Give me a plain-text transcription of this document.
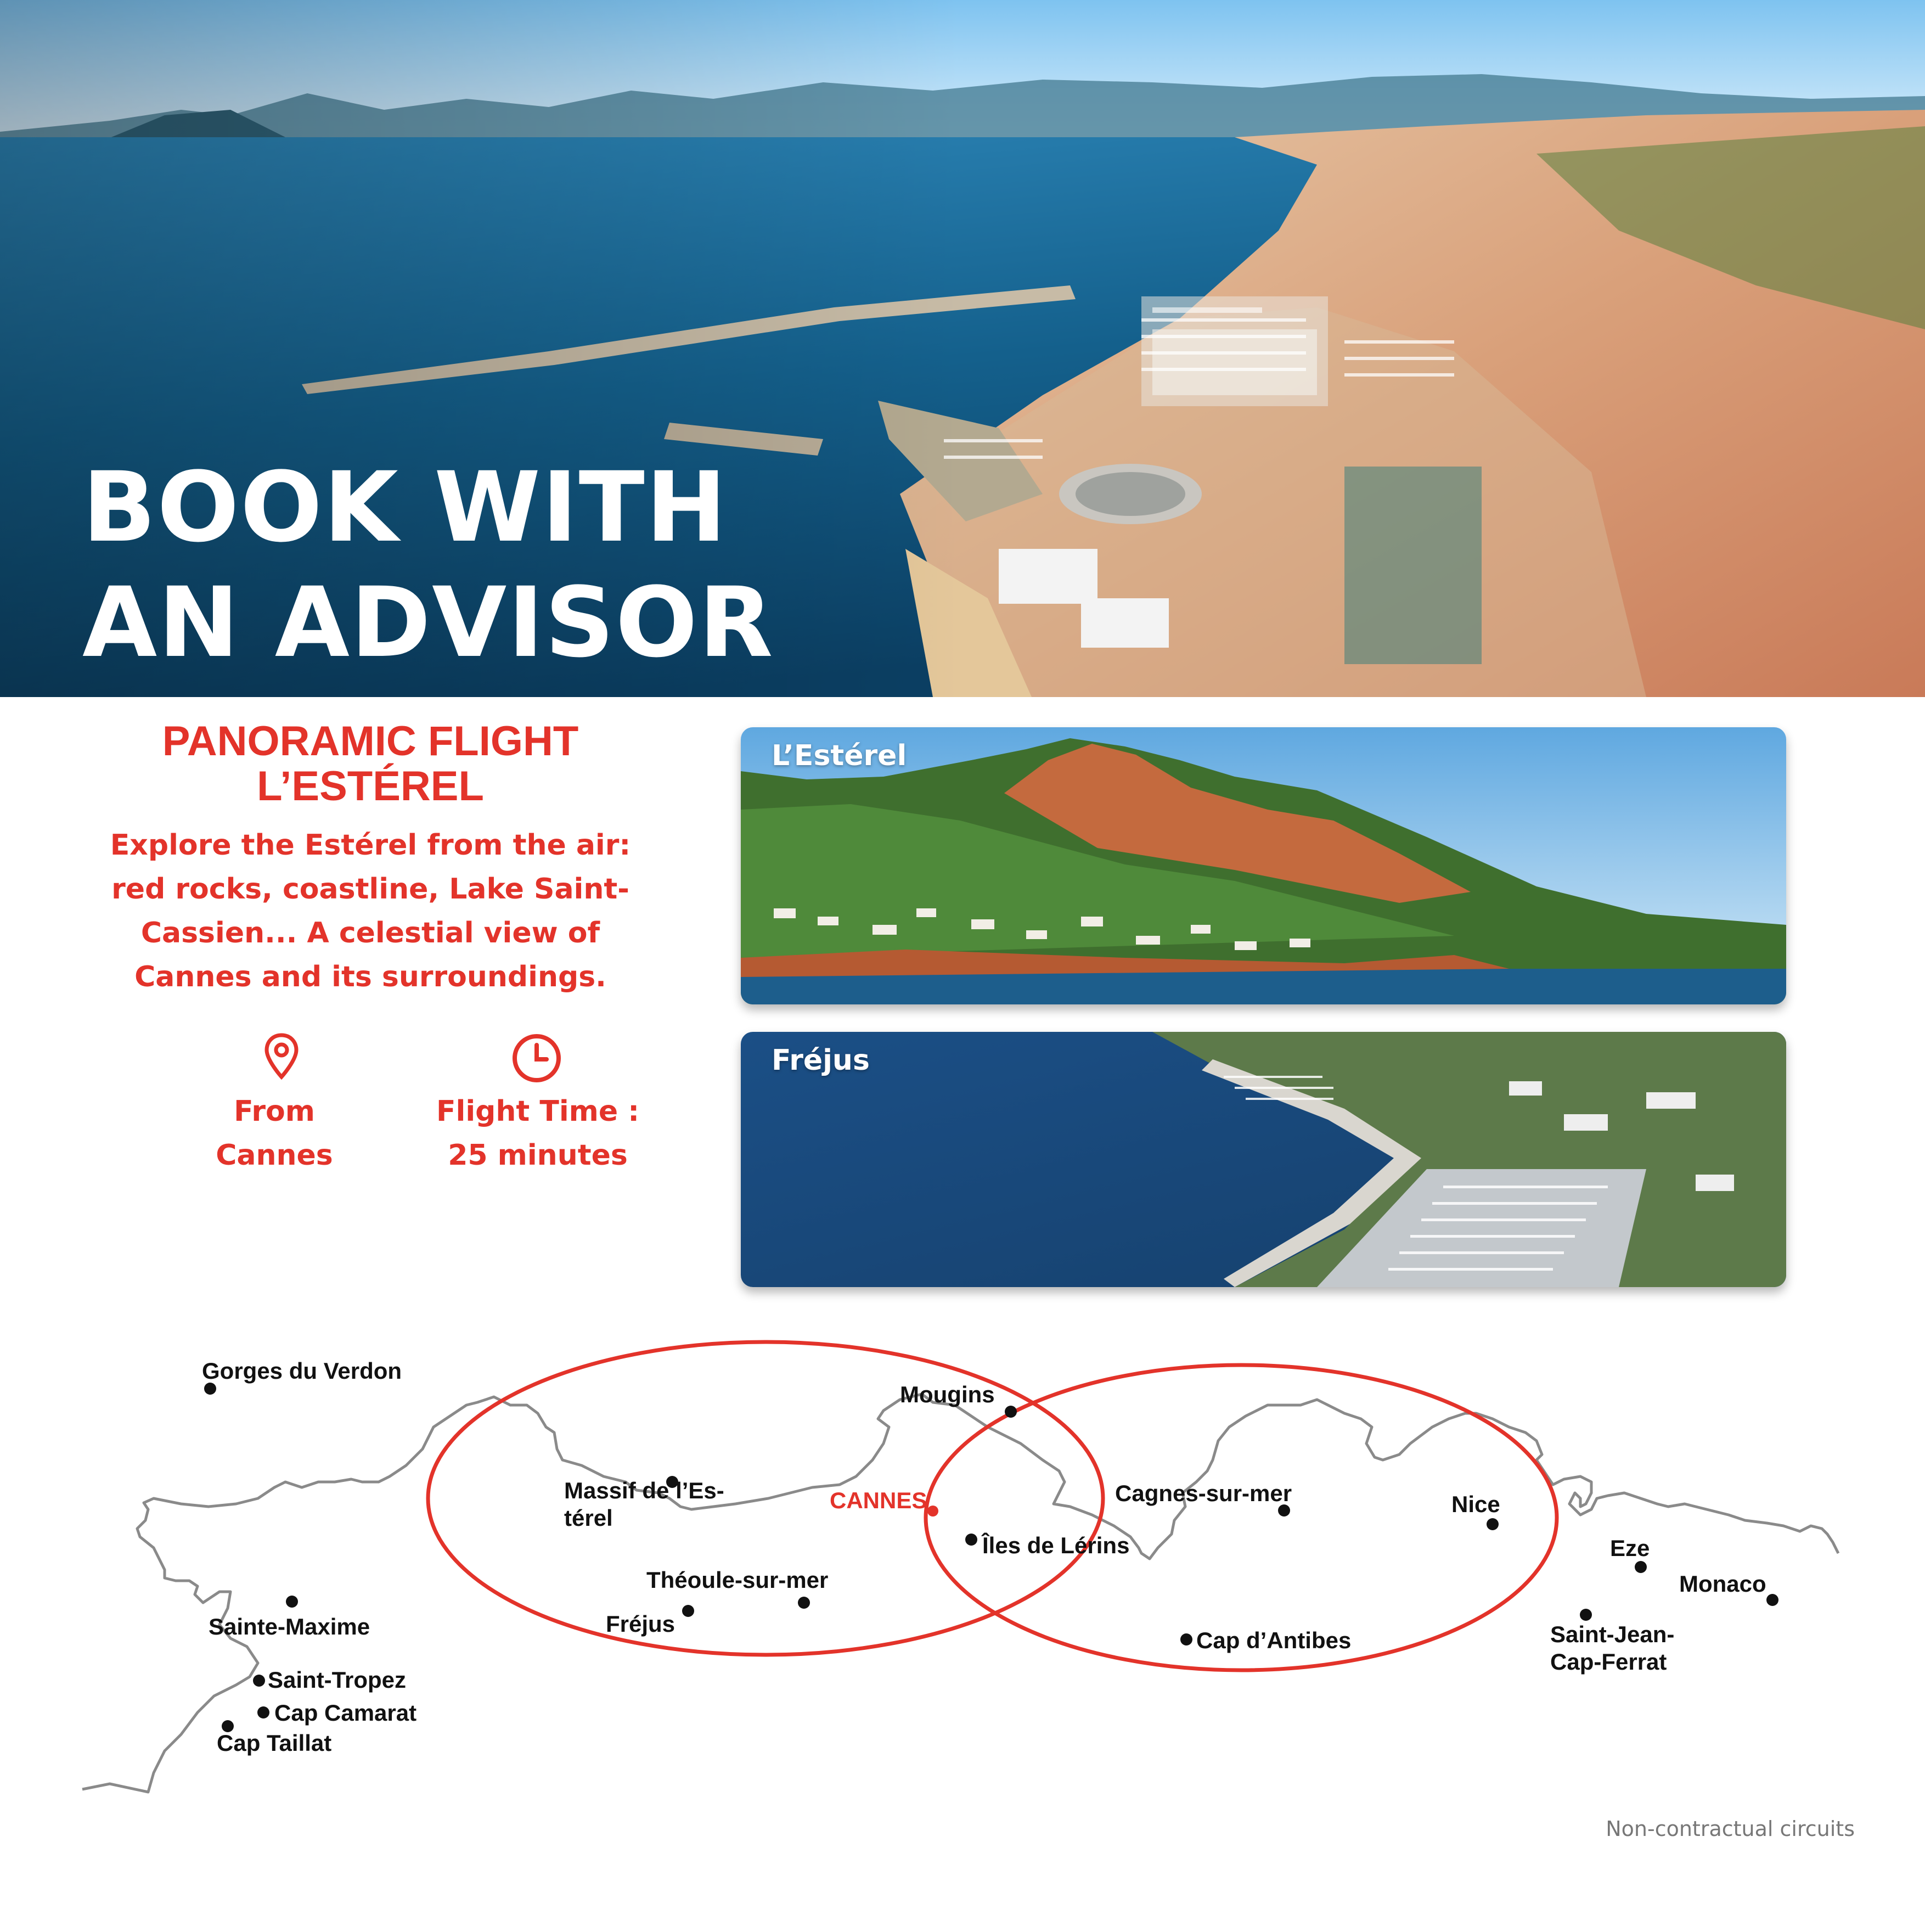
BOOK WITH
AN ADVISOR
PANORAMIC FLIGHT
L’ESTÉREL

Explore the Estérel from the air: red rocks, coastline, Lake Saint-Cassien... A celestial view of Cannes and its surroundings.

From
Cannes
Flight Time :
25 minutes
L’Estérel
Fréjus
Gorges du Verdon
Mougins
Massif de l’Es-
térel
CANNES	Cagnes-sur-mer	Nice
Îles de Lérins	Eze
Théoule-sur-mer	Monaco
Sainte-Maxime	Fréjus
Cap d’Antibes	Saint-Jean-
Cap-Ferrat
Saint-Tropez
Cap Camarat
Cap Taillat

Non-contractual circuits
